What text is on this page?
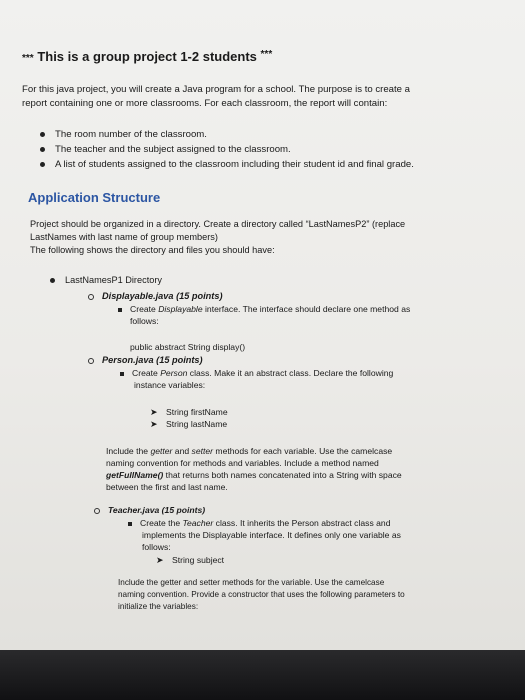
*** This is a group project 1-2 students ***
For this java project, you will create a Java program for a school. The purpose is to create a
report containing one or more classrooms. For each classroom, the report will contain:
The room number of the classroom.
The teacher and the subject assigned to the classroom.
A list of students assigned to the classroom including their student id and final grade.
Application Structure
Project should be organized in a directory. Create a directory called “LastNamesP2” (replace
LastNames with last name of group members)
The following shows the directory and files you should have:
LastNamesP1 Directory
Displayable.java (15 points)
Create Displayable interface. The interface should declare one method as
follows:
public abstract String display()
Person.java (15 points)
Create Person class. Make it an abstract class. Declare the following
instance variables:
➤ String firstName
➤ String lastName
Include the getter and setter methods for each variable. Use the camelcase
naming convention for methods and variables. Include a method named
getFullName() that returns both names concatenated into a String with space
between the first and last name.
Teacher.java (15 points)
Create the Teacher class. It inherits the Person abstract class and
implements the Displayable interface. It defines only one variable as
follows:
➤ String subject
Include the getter and setter methods for the variable. Use the camelcase
naming convention. Provide a constructor that uses the following parameters to
initialize the variables:
